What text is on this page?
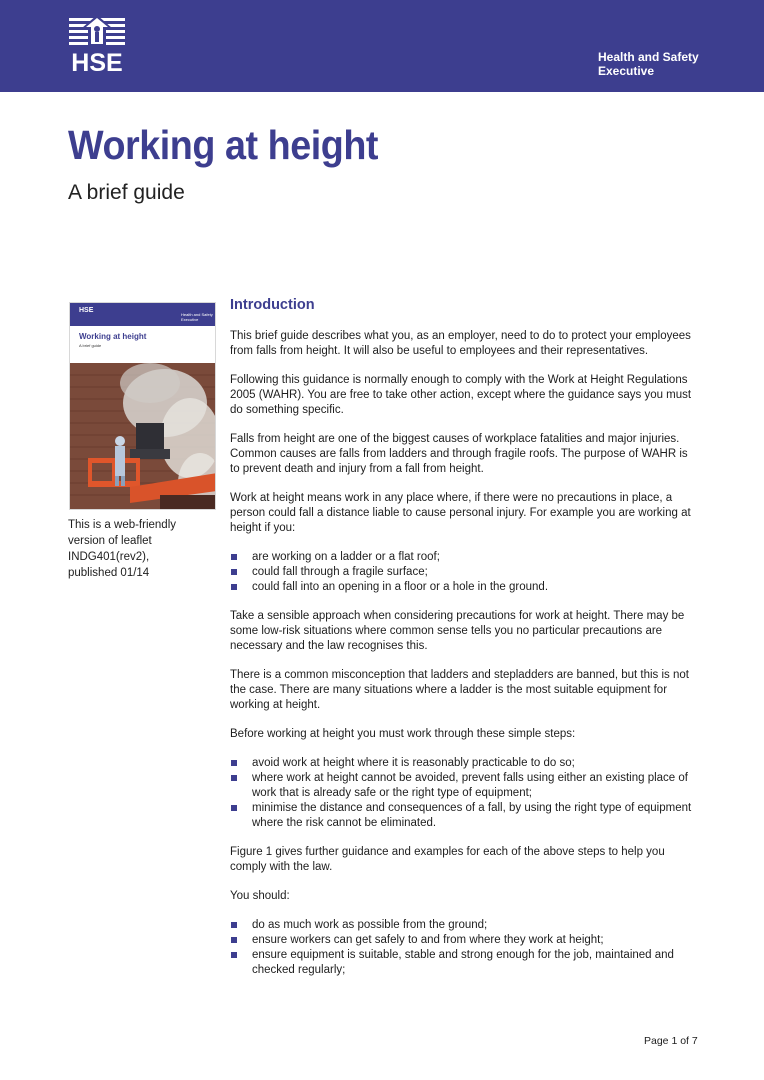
HSE	Health and Safety
Executive
Working at height
A brief guide
HSE
Health and Safety
Executive
Working at height
A brief guide
This is a web-friendly
version of leaflet
INDG401(rev2),
published 01/14
Introduction

This brief guide describes what you, as an employer, need to do to protect your employees from falls from height. It will also be useful to employees and their representatives.

Following this guidance is normally enough to comply with the Work at Height Regulations 2005 (WAHR). You are free to take other action, except where the guidance says you must do something specific.

Falls from height are one of the biggest causes of workplace fatalities and major injuries. Common causes are falls from ladders and through fragile roofs. The purpose of WAHR is to prevent death and injury from a fall from height.

Work at height means work in any place where, if there were no precautions in place, a person could fall a distance liable to cause personal injury. For example you are working at height if you:

are working on a ladder or a flat roof;
could fall through a fragile surface;
could fall into an opening in a floor or a hole in the ground.

Take a sensible approach when considering precautions for work at height. There may be some low-risk situations where common sense tells you no particular precautions are necessary and the law recognises this.

There is a common misconception that ladders and stepladders are banned, but this is not the case. There are many situations where a ladder is the most suitable equipment for working at height.

Before working at height you must work through these simple steps:

avoid work at height where it is reasonably practicable to do so;
where work at height cannot be avoided, prevent falls using either an existing place of work that is already safe or the right type of equipment;
minimise the distance and consequences of a fall, by using the right type of equipment where the risk cannot be eliminated.

Figure 1 gives further guidance and examples for each of the above steps to help you comply with the law.

You should:

do as much work as possible from the ground;
ensure workers can get safely to and from where they work at height;
ensure equipment is suitable, stable and strong enough for the job, maintained and checked regularly;
Page 1 of 7
